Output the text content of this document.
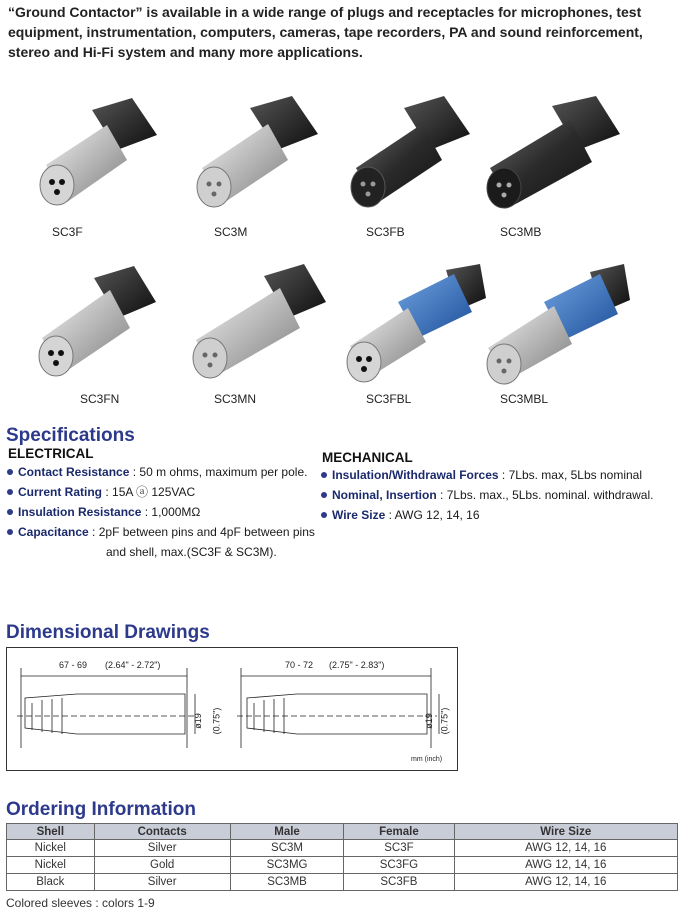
“Ground Contactor” is available in a wide range of plugs and receptacles for microphones, test equipment, instrumentation, computers, cameras, tape recorders, PA and sound reinforcement, stereo and Hi-Fi system and many more applications.
SC3F	SC3M	SC3FB	SC3MB
SC3FN	SC3MN	SC3FBL	SC3MBL
Specifications
ELECTRICAL
Contact Resistance : 50 m ohms, maximum per pole.
Current Rating : 15A ⓐ 125VAC
Insulation Resistance : 1,000MΩ
Capacitance : 2pF between pins and 4pF between pins
and shell, max.(SC3F & SC3M).
MECHANICAL
Insulation/Withdrawal Forces : 7Lbs. max, 5Lbs nominal
Nominal, Insertion : 7Lbs. max., 5Lbs. nominal. withdrawal.
Wire Size : AWG 12, 14, 16
Dimensional Drawings
67 - 69 (2.64" - 2.72")	70 - 72 (2.75" - 2.83")
ø19 (0.75")	ø19 (0.75")
mm (inch)
Ordering Information
Shell	Contacts	Male	Female	Wire Size
Nickel	Silver	SC3M	SC3F	AWG 12, 14, 16
Nickel	Gold	SC3MG	SC3FG	AWG 12, 14, 16
Black	Silver	SC3MB	SC3FB	AWG 12, 14, 16
Colored sleeves : colors 1-9
